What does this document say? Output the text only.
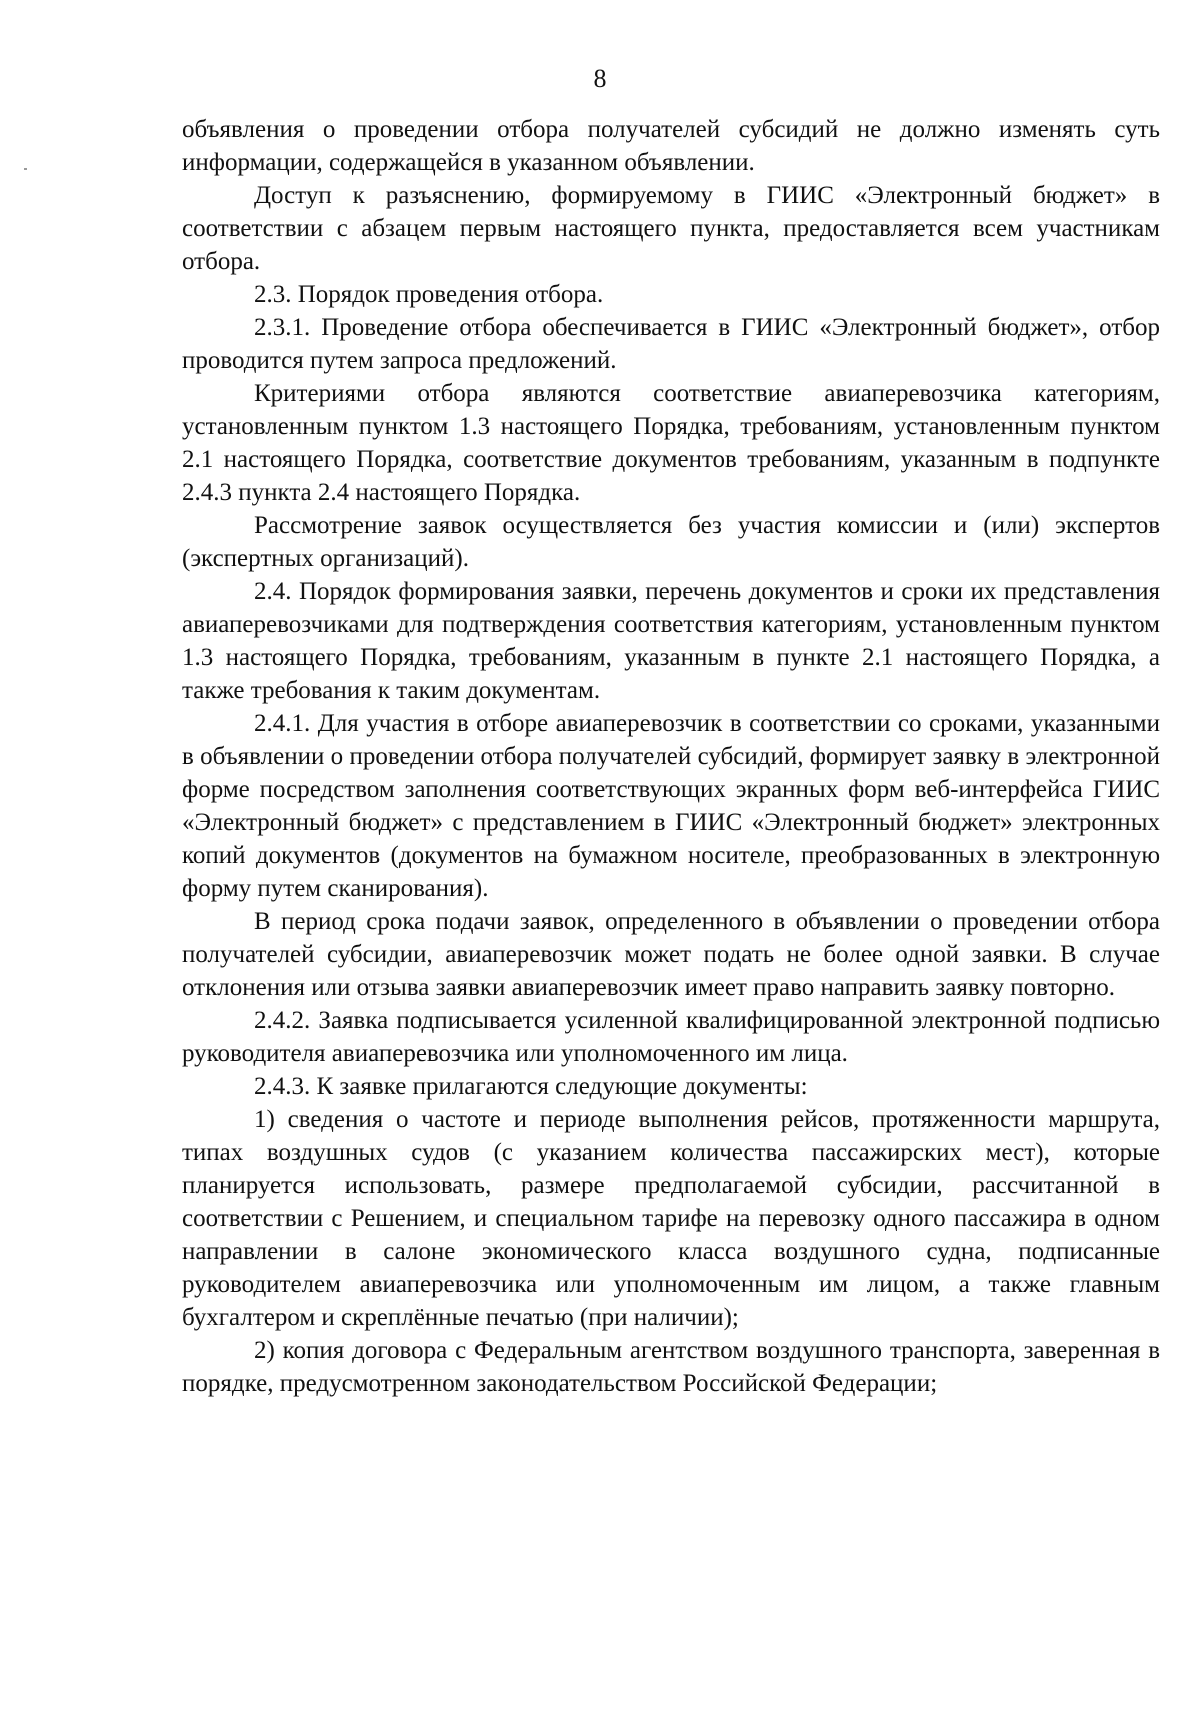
8

объявления о проведении отбора получателей субсидий не должно изменять суть информации, содержащейся в указанном объявлении.

Доступ к разъяснению, формируемому в ГИИС «Электронный бюджет» в соответствии с абзацем первым настоящего пункта, предоставляется всем участникам отбора.

2.3. Порядок проведения отбора.

2.3.1. Проведение отбора обеспечивается в ГИИС «Электронный бюджет», отбор проводится путем запроса предложений.

Критериями отбора являются соответствие авиаперевозчика категориям, установленным пунктом 1.3 настоящего Порядка, требованиям, установленным пунктом 2.1 настоящего Порядка, соответствие документов требованиям, указанным в подпункте 2.4.3 пункта 2.4 настоящего Порядка.

Рассмотрение заявок осуществляется без участия комиссии и (или) экспертов (экспертных организаций).

2.4. Порядок формирования заявки, перечень документов и сроки их представления авиаперевозчиками для подтверждения соответствия категориям, установленным пунктом 1.3 настоящего Порядка, требованиям, указанным в пункте 2.1 настоящего Порядка, а также требования к таким документам.

2.4.1. Для участия в отборе авиаперевозчик в соответствии со сроками, указанными в объявлении о проведении отбора получателей субсидий, формирует заявку в электронной форме посредством заполнения соответствующих экранных форм веб-интерфейса ГИИС «Электронный бюджет» с представлением в ГИИС «Электронный бюджет» электронных копий документов (документов на бумажном носителе, преобразованных в электронную форму путем сканирования).

В период срока подачи заявок, определенного в объявлении о проведении отбора получателей субсидии, авиаперевозчик может подать не более одной заявки. В случае отклонения или отзыва заявки авиаперевозчик имеет право направить заявку повторно.

2.4.2. Заявка подписывается усиленной квалифицированной электронной подписью руководителя авиаперевозчика или уполномоченного им лица.

2.4.3. К заявке прилагаются следующие документы:

1) сведения о частоте и периоде выполнения рейсов, протяженности маршрута, типах воздушных судов (с указанием количества пассажирских мест), которые планируется использовать, размере предполагаемой субсидии, рассчитанной в соответствии с Решением, и специальном тарифе на перевозку одного пассажира в одном направлении в салоне экономического класса воздушного судна, подписанные руководителем авиаперевозчика или уполномоченным им лицом, а также главным бухгалтером и скреплённые печатью (при наличии);

2) копия договора с Федеральным агентством воздушного транспорта, заверенная в порядке, предусмотренном законодательством Российской Федерации;
